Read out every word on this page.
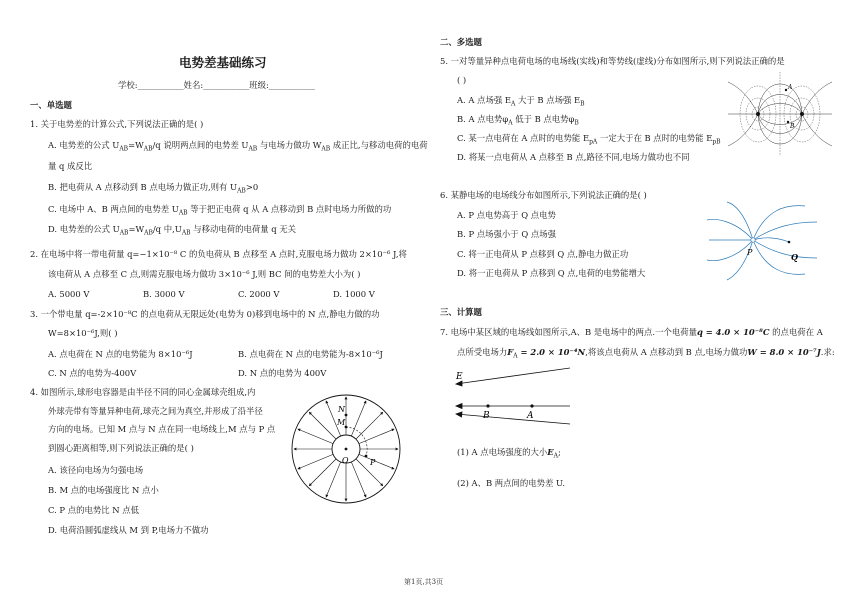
电势差基础练习
学校:___________姓名:___________班级:___________
一、单选题
1. 关于电势差的计算公式,下列说法正确的是( )
A. 电势差的公式 $U_{AB}=W_{AB}/q$ 说明两点间的电势差 $U_{AB}$ 与电场力做功 $W_{AB}$ 成正比,与移动电荷的电荷
量 q 成反比
B. 把电荷从 A 点移动到 B 点电场力做正功,则有 $U_{AB}>0$
C. 电场中 A、B 两点间的电势差 $U_{AB}$ 等于把正电荷 q 从 A 点移动到 B 点时电场力所做的功
D. 电势差的公式 $U_{AB}=W_{AB}/q$ 中$,U_{AB}$ 与移动电荷的电荷量 q 无关
2. 在电场中将一带电荷量 q=−1×10⁻⁸ C 的负电荷从 B 点移至 A 点时,克服电场力做功 2×10⁻⁶ J,将
该电荷从 A 点移至 C 点,则需克服电场力做功 3×10⁻⁶ J,则 BC 间的电势差大小为( )
A. 5000 V	B. 3000 V	C. 2000 V	D. 1000 V
3. 一个带电量 q=-2×10⁻⁸C 的点电荷从无限远处(电势为 0)移到电场中的 N 点,静电力做的功
W=8×10⁻⁶J,则( )
A. 点电荷在 N 点的电势能为 8×10⁻⁶J	B. 点电荷在 N 点的电势能为-8×10⁻⁶J
C. N 点的电势为-400V	D. N 点的电势为 400V
4. 如图所示,球形电容器是由半径不同的同心金属球壳组成,内
外球壳带有等量异种电荷,球壳之间为真空,并形成了沿半径
方向的电场。已知 M 点与 N 点在同一电场线上,M 点与 P 点
到圆心距离相等,则下列说法正确的是( )
A. 该径向电场为匀强电场
B. M 点的电场强度比 N 点小
C. P 点的电势比 N 点低
D. 电荷沿圆弧虚线从 M 到 P,电场力不做功
N
M
O	P
二、多选题
5. 一对等量异种点电荷电场的电场线(实线)和等势线(虚线)分布如图所示,则下列说法正确的是
( )
A. A 点场强 $E_A$ 大于 B 点场强 $E_B$
B. A 点电势$\varphi_A$ 低于 B 点电势$\varphi_B$
C. 某一点电荷在 A 点时的电势能 $E_{pA}$ 一定大于在 B 点时的电势能 $E_{pB}$
D. 将某一点电荷从 A 点移至 B 点,路径不同,电场力做功也不同
A
B
6. 某静电场的电场线分布如图所示,下列说法正确的是( )
A. P 点电势高于 Q 点电势
B. P 点场强小于 Q 点场强
C. 将一正电荷从 P 点移到 Q 点,静电力做正功
D. 将一正电荷从 P 点移到 Q 点,电荷的电势能增大
P	Q
三、计算题
7. 电场中某区域的电场线如图所示,A、B 是电场中的两点.一个电荷量q = 4.0 × 10⁻⁸C 的点电荷在 A
点所受电场力$F_A = 2.0 \times 10^{-4}N$,将该点电荷从 A 点移动到 B 点,电场力做功W = 8.0 × 10⁻⁷J.求:
E
B	A
(1) A 点电场强度的大小$E_A$;
(2) A、B 两点间的电势差 U.
第1页,共3页
